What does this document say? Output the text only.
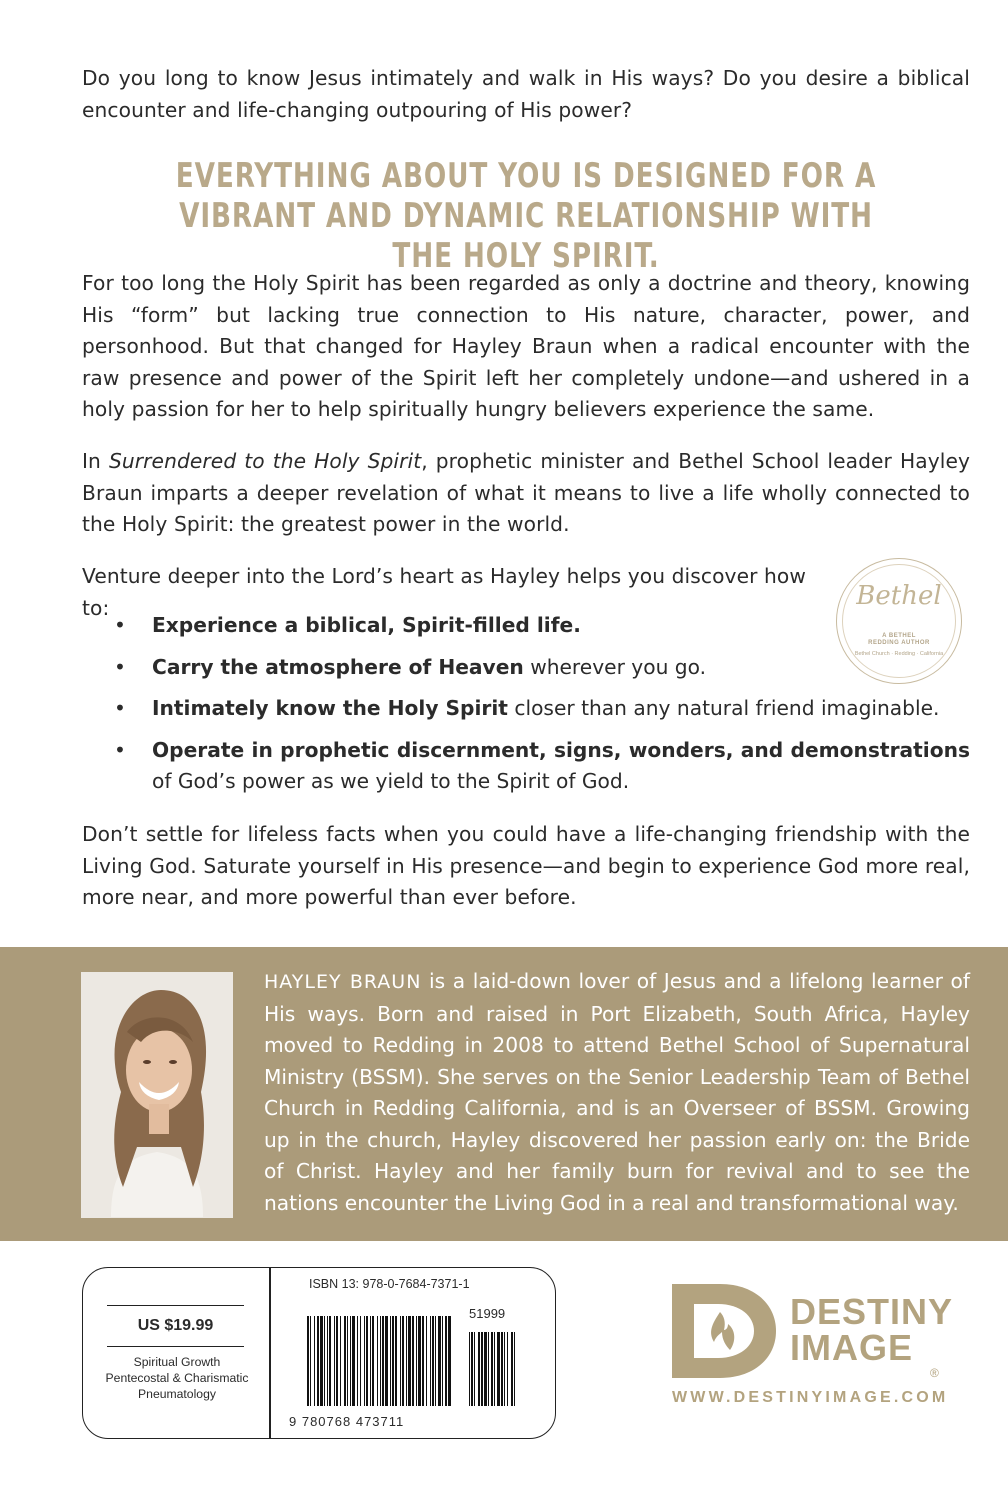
Do you long to know Jesus intimately and walk in His ways? Do you desire a biblical encounter and life-changing outpouring of His power?

EVERYTHING ABOUT YOU IS DESIGNED FOR A VIBRANT AND DYNAMIC RELATIONSHIP WITH THE HOLY SPIRIT.

For too long the Holy Spirit has been regarded as only a doctrine and theory, knowing His “form” but lacking true connection to His nature, character, power, and personhood. But that changed for Hayley Braun when a radical encounter with the raw presence and power of the Spirit left her completely undone—and ushered in a holy passion for her to help spiritually hungry believers experience the same.

In Surrendered to the Holy Spirit, prophetic minister and Bethel School leader Hayley Braun imparts a deeper revelation of what it means to live a life wholly connected to the Holy Spirit: the greatest power in the world.

Venture deeper into the Lord’s heart as Hayley helps you discover how to:	Bethel
A BETHEL
REDDING AUTHOR
Bethel Church · Redding · California
• Experience a biblical, Spirit-filled life.
• Carry the atmosphere of Heaven wherever you go.
• Intimately know the Holy Spirit closer than any natural friend imaginable.
• Operate in prophetic discernment, signs, wonders, and demonstrations of God’s power as we yield to the Spirit of God.

Don’t settle for lifeless facts when you could have a life-changing friendship with the Living God. Saturate yourself in His presence—and begin to experience God more real, more near, and more powerful than ever before.

HAYLEY BRAUN is a laid-down lover of Jesus and a lifelong learner of His ways. Born and raised in Port Elizabeth, South Africa, Hayley moved to Redding in 2008 to attend Bethel School of Supernatural Ministry (BSSM). She serves on the Senior Leadership Team of Bethel Church in Redding California, and is an Overseer of BSSM. Growing up in the church, Hayley discovered her passion early on: the Bride of Christ. Hayley and her family burn for revival and to see the nations encounter the Living God in a real and transformational way.

US $19.99
Spiritual Growth
Pentecostal & Charismatic
Pneumatology
ISBN 13: 978-0-7684-7371-1
51999
9 780768 473711
DESTINY
IMAGE
®
WWW.DESTINYIMAGE.COM
